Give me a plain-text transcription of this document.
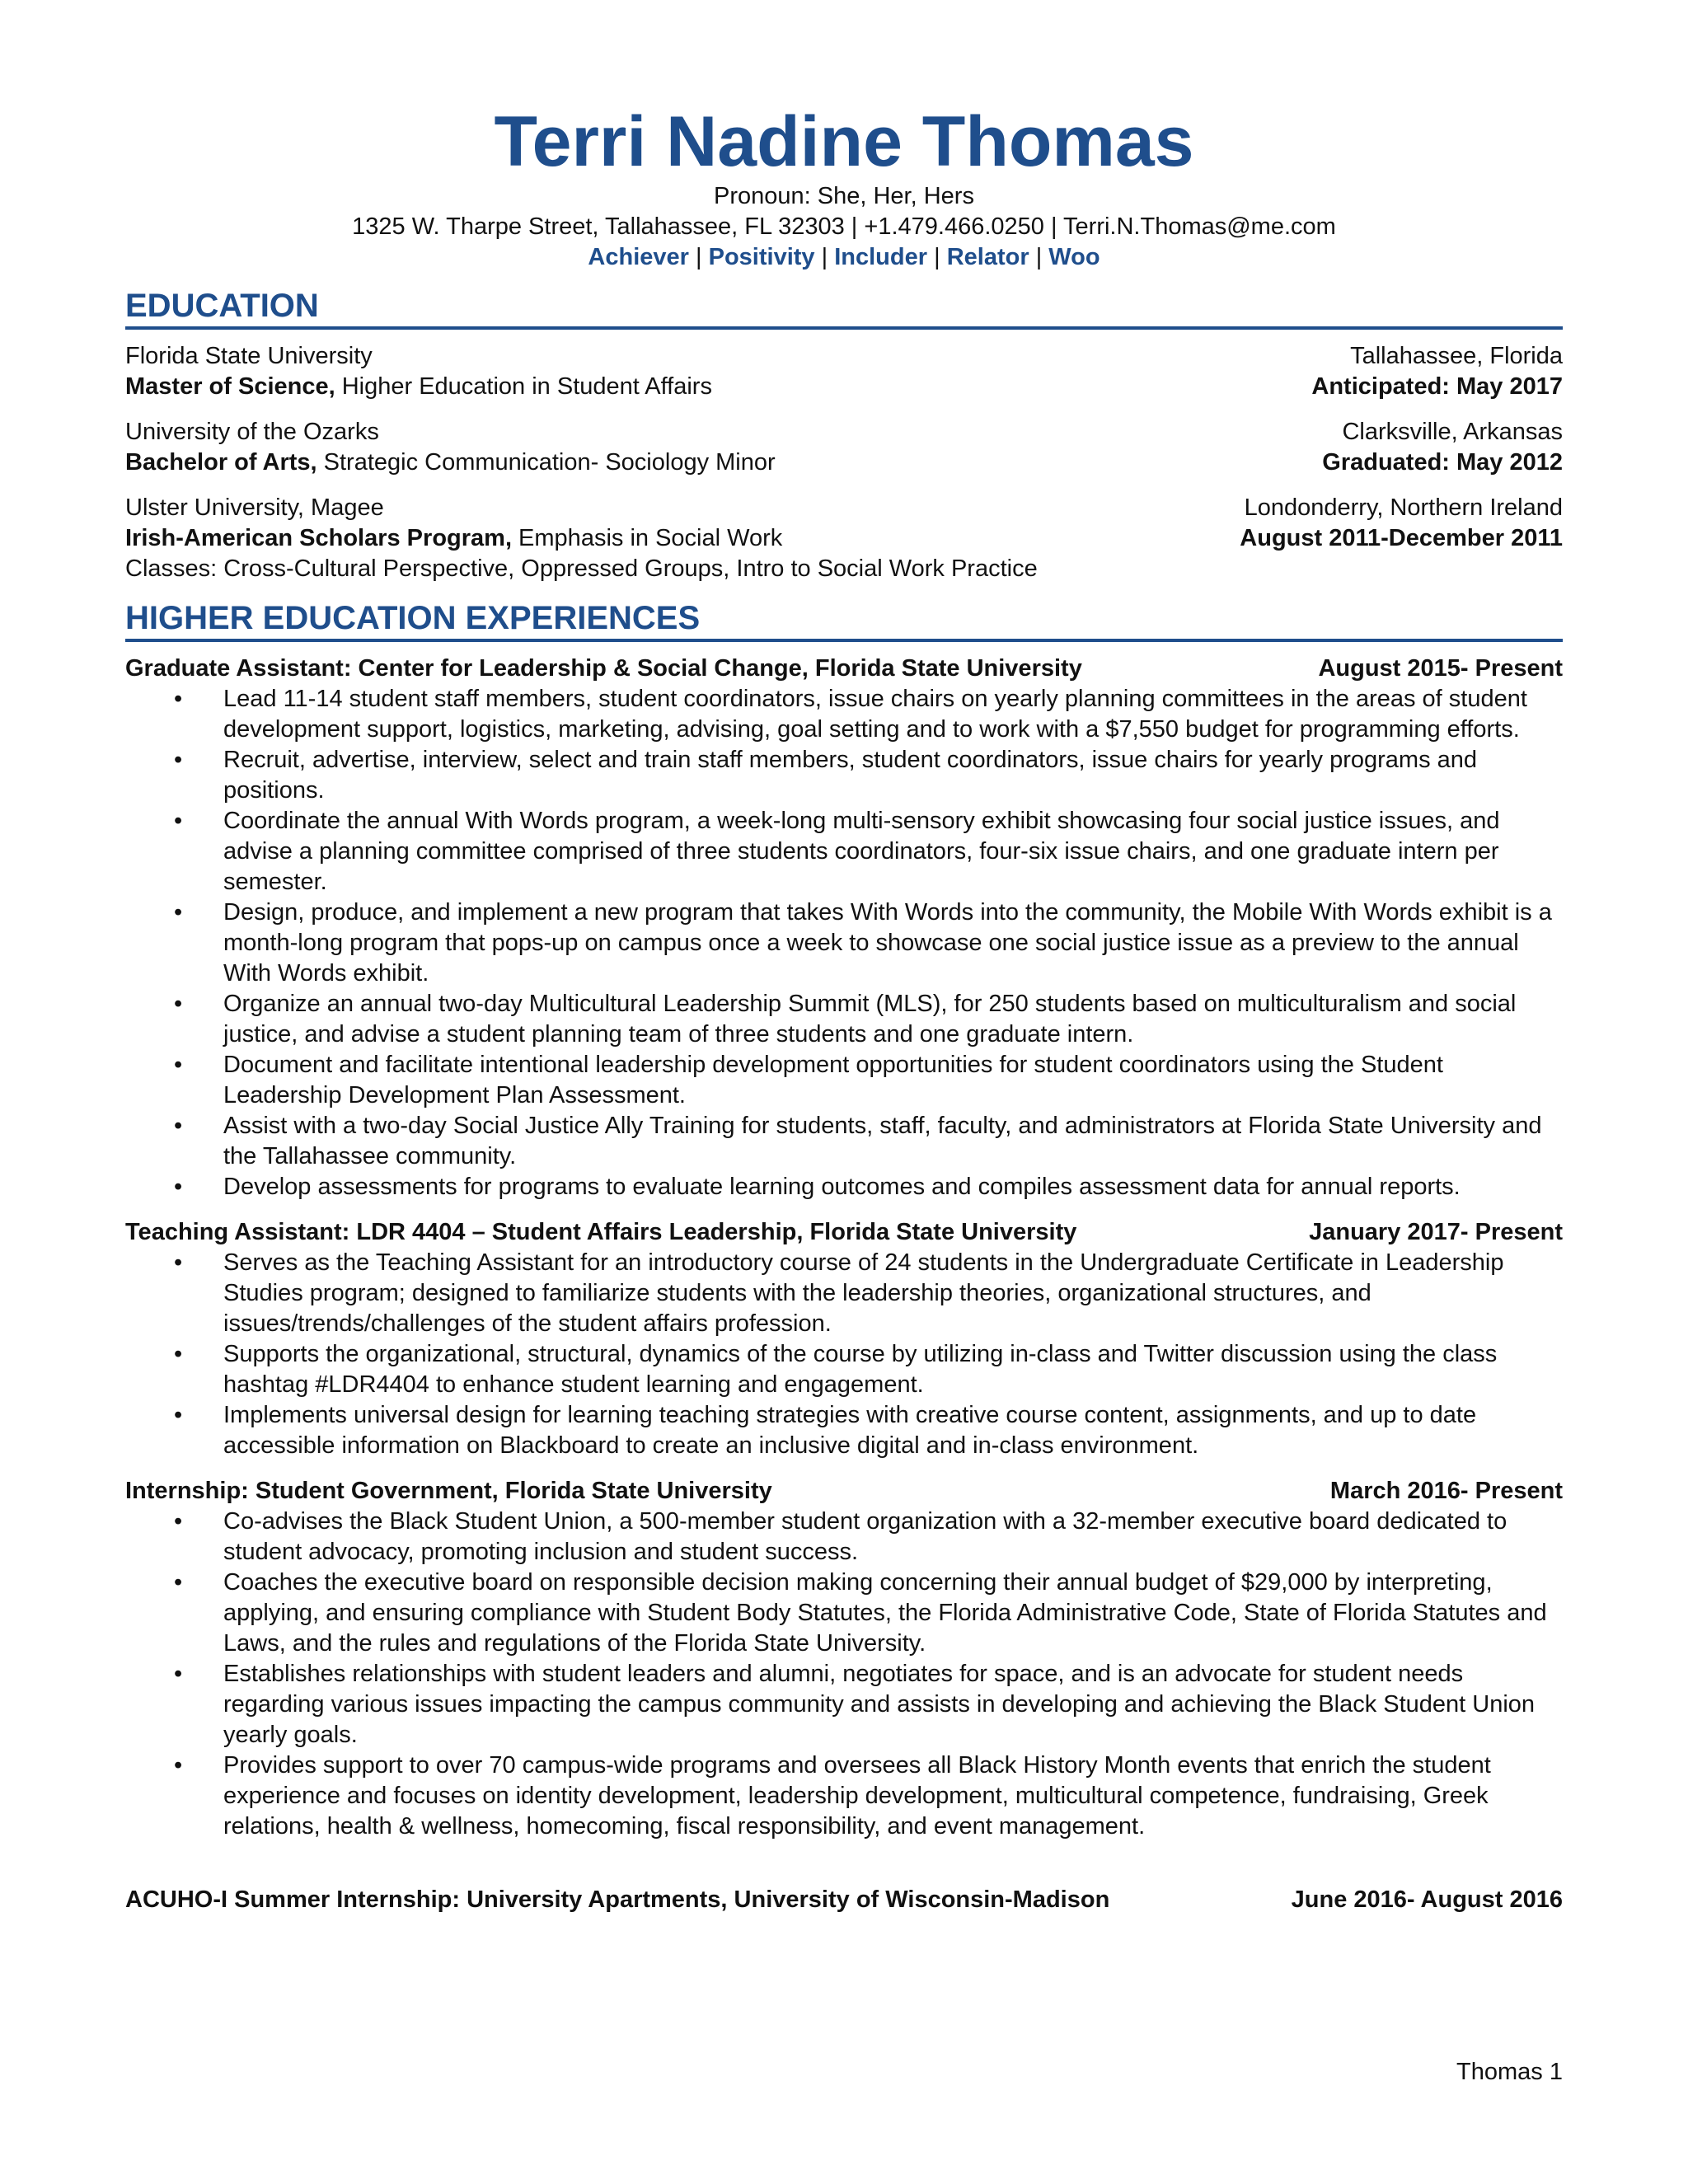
Terri Nadine Thomas
Pronoun: She, Her, Hers
1325 W. Tharpe Street, Tallahassee, FL 32303 | +1.479.466.0250 | Terri.N.Thomas@me.com
Achiever | Positivity | Includer | Relator | Woo
EDUCATION
Florida State University	Tallahassee, Florida
Master of Science, Higher Education in Student Affairs	Anticipated: May 2017
University of the Ozarks	Clarksville, Arkansas
Bachelor of Arts, Strategic Communication- Sociology Minor	Graduated: May 2012
Ulster University, Magee	Londonderry, Northern Ireland
Irish-American Scholars Program, Emphasis in Social Work	August 2011-December 2011
Classes: Cross-Cultural Perspective, Oppressed Groups, Intro to Social Work Practice
HIGHER EDUCATION EXPERIENCES
Graduate Assistant: Center for Leadership & Social Change, Florida State University	August 2015- Present
• Lead 11-14 student staff members, student coordinators, issue chairs on yearly planning committees in the areas of student development support, logistics, marketing, advising, goal setting and to work with a $7,550 budget for programming efforts.
• Recruit, advertise, interview, select and train staff members, student coordinators, issue chairs for yearly programs and positions.
• Coordinate the annual With Words program, a week-long multi-sensory exhibit showcasing four social justice issues, and advise a planning committee comprised of three students coordinators, four-six issue chairs, and one graduate intern per semester.
• Design, produce, and implement a new program that takes With Words into the community, the Mobile With Words exhibit is a month-long program that pops-up on campus once a week to showcase one social justice issue as a preview to the annual With Words exhibit.
• Organize an annual two-day Multicultural Leadership Summit (MLS), for 250 students based on multiculturalism and social justice, and advise a student planning team of three students and one graduate intern.
• Document and facilitate intentional leadership development opportunities for student coordinators using the Student Leadership Development Plan Assessment.
• Assist with a two-day Social Justice Ally Training for students, staff, faculty, and administrators at Florida State University and the Tallahassee community.
• Develop assessments for programs to evaluate learning outcomes and compiles assessment data for annual reports.
Teaching Assistant: LDR 4404 – Student Affairs Leadership, Florida State University	January 2017- Present
• Serves as the Teaching Assistant for an introductory course of 24 students in the Undergraduate Certificate in Leadership Studies program; designed to familiarize students with the leadership theories, organizational structures, and issues/trends/challenges of the student affairs profession.
• Supports the organizational, structural, dynamics of the course by utilizing in-class and Twitter discussion using the class hashtag #LDR4404 to enhance student learning and engagement.
• Implements universal design for learning teaching strategies with creative course content, assignments, and up to date accessible information on Blackboard to create an inclusive digital and in-class environment.
Internship: Student Government, Florida State University	March 2016- Present
• Co-advises the Black Student Union, a 500-member student organization with a 32-member executive board dedicated to student advocacy, promoting inclusion and student success.
• Coaches the executive board on responsible decision making concerning their annual budget of $29,000 by interpreting, applying, and ensuring compliance with Student Body Statutes, the Florida Administrative Code, State of Florida Statutes and Laws, and the rules and regulations of the Florida State University.
• Establishes relationships with student leaders and alumni, negotiates for space, and is an advocate for student needs regarding various issues impacting the campus community and assists in developing and achieving the Black Student Union yearly goals.
• Provides support to over 70 campus-wide programs and oversees all Black History Month events that enrich the student experience and focuses on identity development, leadership development, multicultural competence, fundraising, Greek relations, health & wellness, homecoming, fiscal responsibility, and event management.
ACUHO-I Summer Internship: University Apartments, University of Wisconsin-Madison	June 2016- August 2016
Thomas 1
